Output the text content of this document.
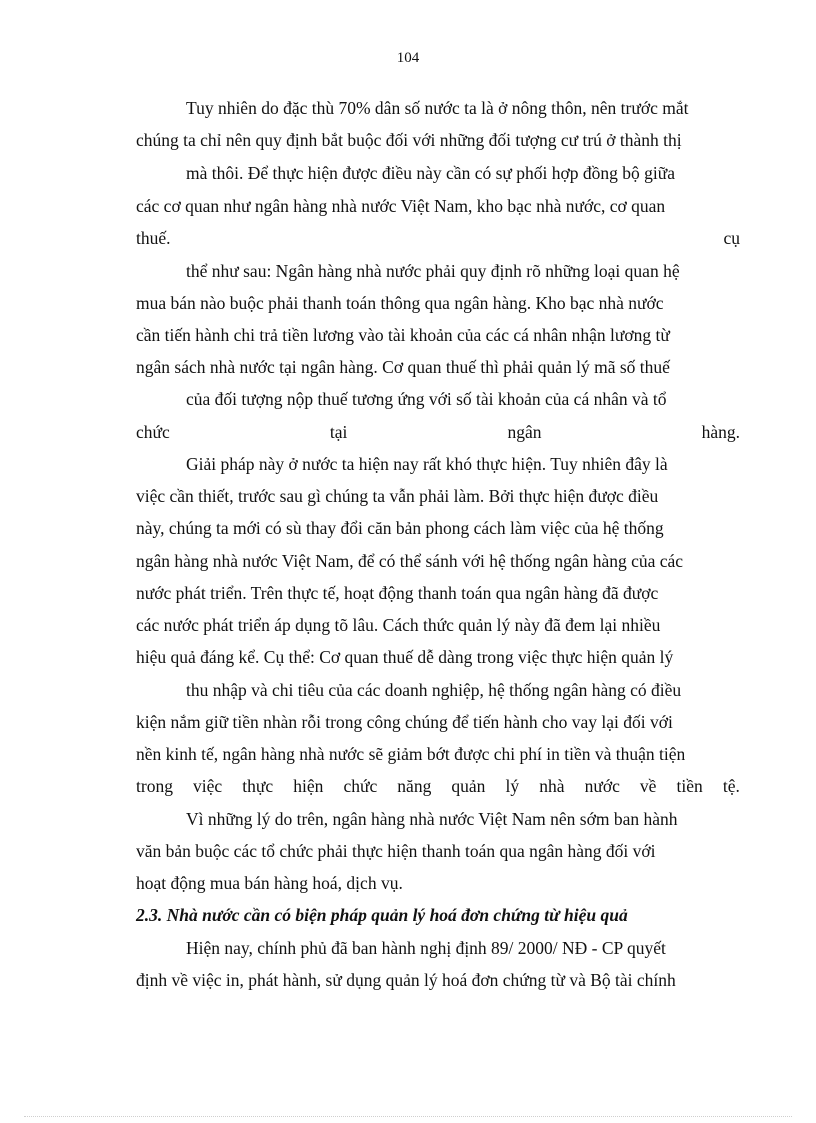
104

Tuy nhiên do đặc thù 70% dân số nước ta là ở nông thôn, nên trước mắt

chúng ta chỉ nên quy định bắt buộc đối với những đối tượng cư trú ở thành thị

mà thôi. Để thực hiện được điều này cần có sự phối hợp đồng bộ giữa

các cơ quan như ngân hàng nhà nước Việt Nam, kho bạc nhà nước, cơ quan

thuế.	cụ

thể như sau: Ngân hàng nhà nước phải quy định rõ những loại quan hệ

mua bán nào buộc phải thanh toán thông qua ngân hàng. Kho bạc nhà nước

cần tiến hành chi trả tiền lương vào tài khoản của các cá nhân nhận lương từ

ngân sách nhà nước tại ngân hàng. Cơ quan thuế thì phải quản lý mã số thuế

của đối tượng nộp thuế tương ứng với số tài khoản của cá nhân và tổ

chức	tại	ngân	hàng.

Giải pháp này ở nước ta hiện nay rất khó thực hiện. Tuy nhiên đây là

việc cần thiết, trước sau gì chúng ta vẫn phải làm. Bởi thực hiện được điều

này, chúng ta mới có sù thay đổi căn bản phong cách làm việc của hệ thống

ngân hàng nhà nước Việt Nam, để có thể sánh với hệ thống ngân hàng của các

nước phát triển. Trên thực tế, hoạt động thanh toán qua ngân hàng đã được

các nước phát triển áp dụng tõ lâu. Cách thức quản lý này đã đem lại nhiều

hiệu quả đáng kể. Cụ thể: Cơ quan thuế dễ dàng trong việc thực hiện quản lý

thu nhập và chi tiêu của các doanh nghiệp, hệ thống ngân hàng có điều

kiện nắm giữ tiền nhàn rỗi trong công chúng để tiến hành cho vay lại đối với

nền kinh tế, ngân hàng nhà nước sẽ giảm bớt được chi phí in tiền và thuận tiện

trong việc thực hiện chức năng quản lý nhà nước về tiền tệ.

Vì những lý do trên, ngân hàng nhà nước Việt Nam nên sớm ban hành

văn bản buộc các tổ chức phải thực hiện thanh toán qua ngân hàng đối với

hoạt động mua bán hàng hoá, dịch vụ.

2.3. Nhà nước cần có biện pháp quản lý hoá đơn chứng từ hiệu quả

Hiện nay, chính phủ đã ban hành nghị định 89/ 2000/ NĐ - CP quyết

định về việc in, phát hành, sử dụng quản lý hoá đơn chứng từ và Bộ tài chính
